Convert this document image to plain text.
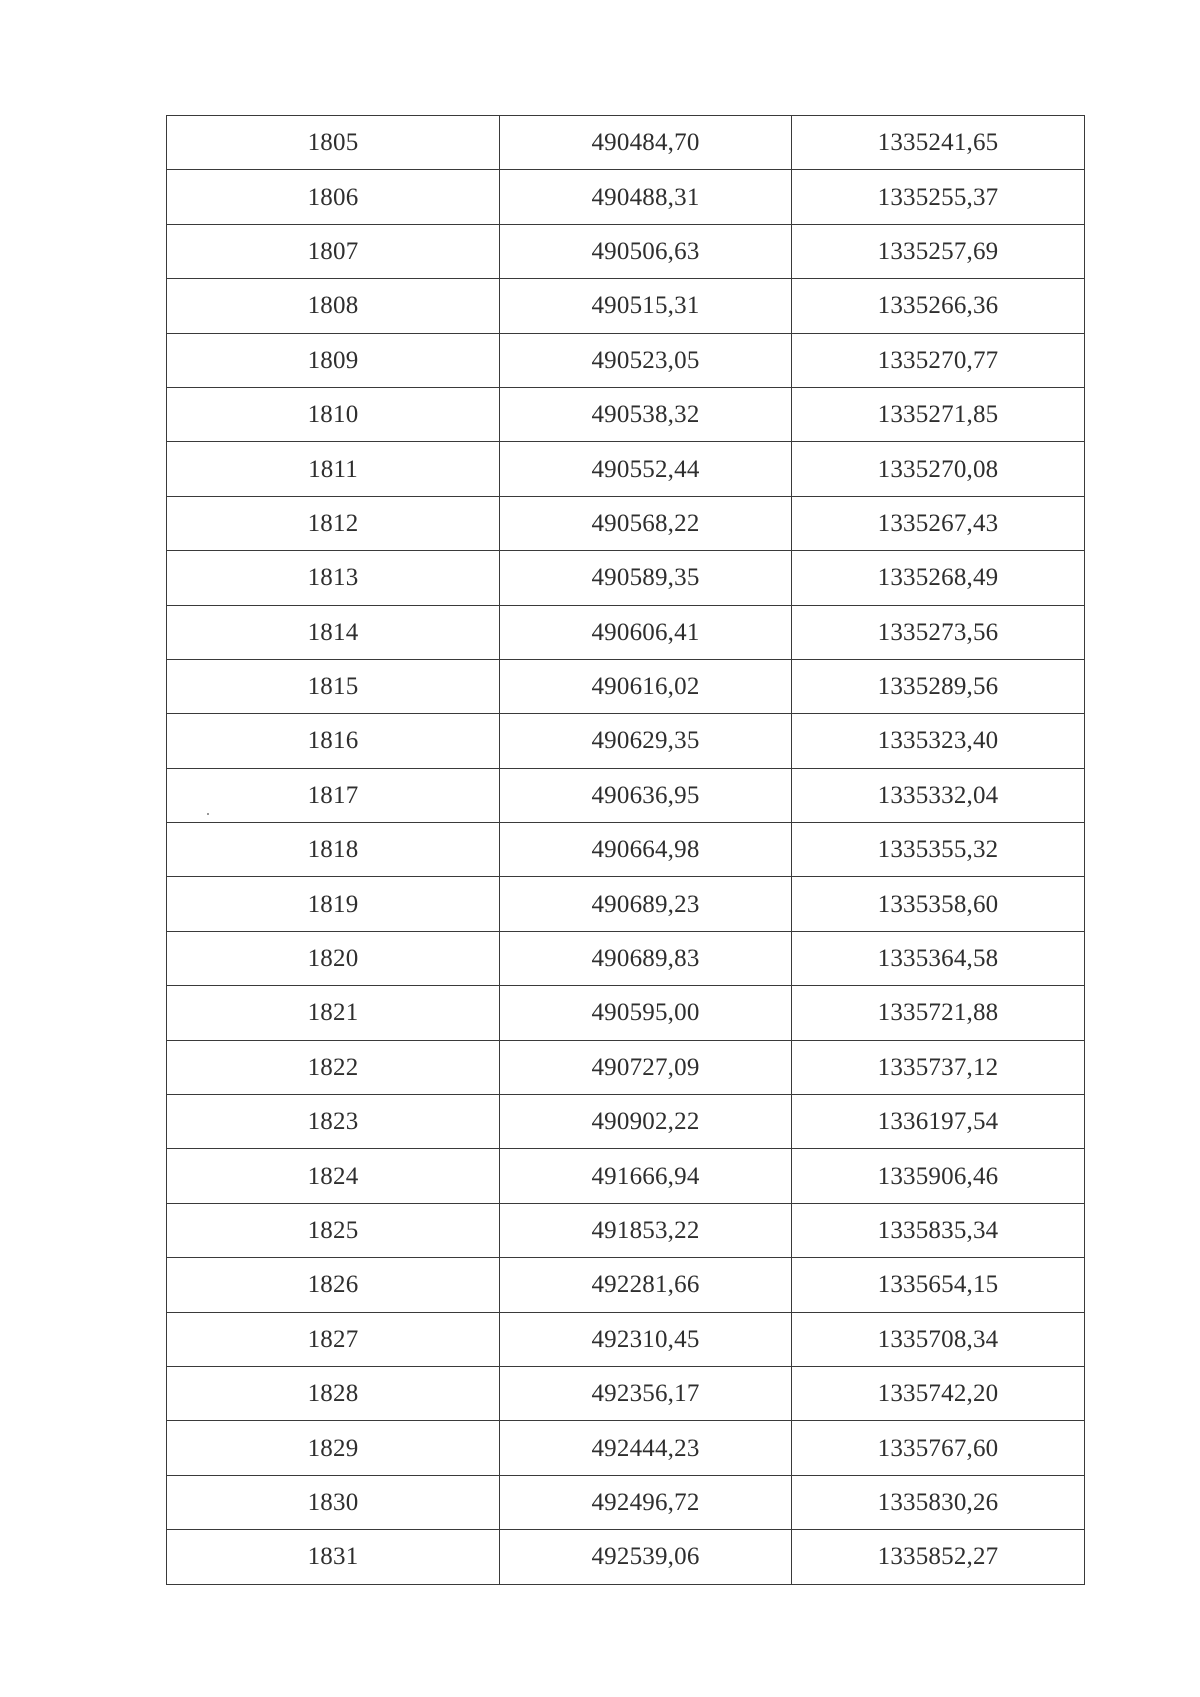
1805	490484,70	1335241,65
1806	490488,31	1335255,37
1807	490506,63	1335257,69
1808	490515,31	1335266,36
1809	490523,05	1335270,77
1810	490538,32	1335271,85
1811	490552,44	1335270,08
1812	490568,22	1335267,43
1813	490589,35	1335268,49
1814	490606,41	1335273,56
1815	490616,02	1335289,56
1816	490629,35	1335323,40
1817	490636,95	1335332,04
1818	490664,98	1335355,32
1819	490689,23	1335358,60
1820	490689,83	1335364,58
1821	490595,00	1335721,88
1822	490727,09	1335737,12
1823	490902,22	1336197,54
1824	491666,94	1335906,46
1825	491853,22	1335835,34
1826	492281,66	1335654,15
1827	492310,45	1335708,34
1828	492356,17	1335742,20
1829	492444,23	1335767,60
1830	492496,72	1335830,26
1831	492539,06	1335852,27
